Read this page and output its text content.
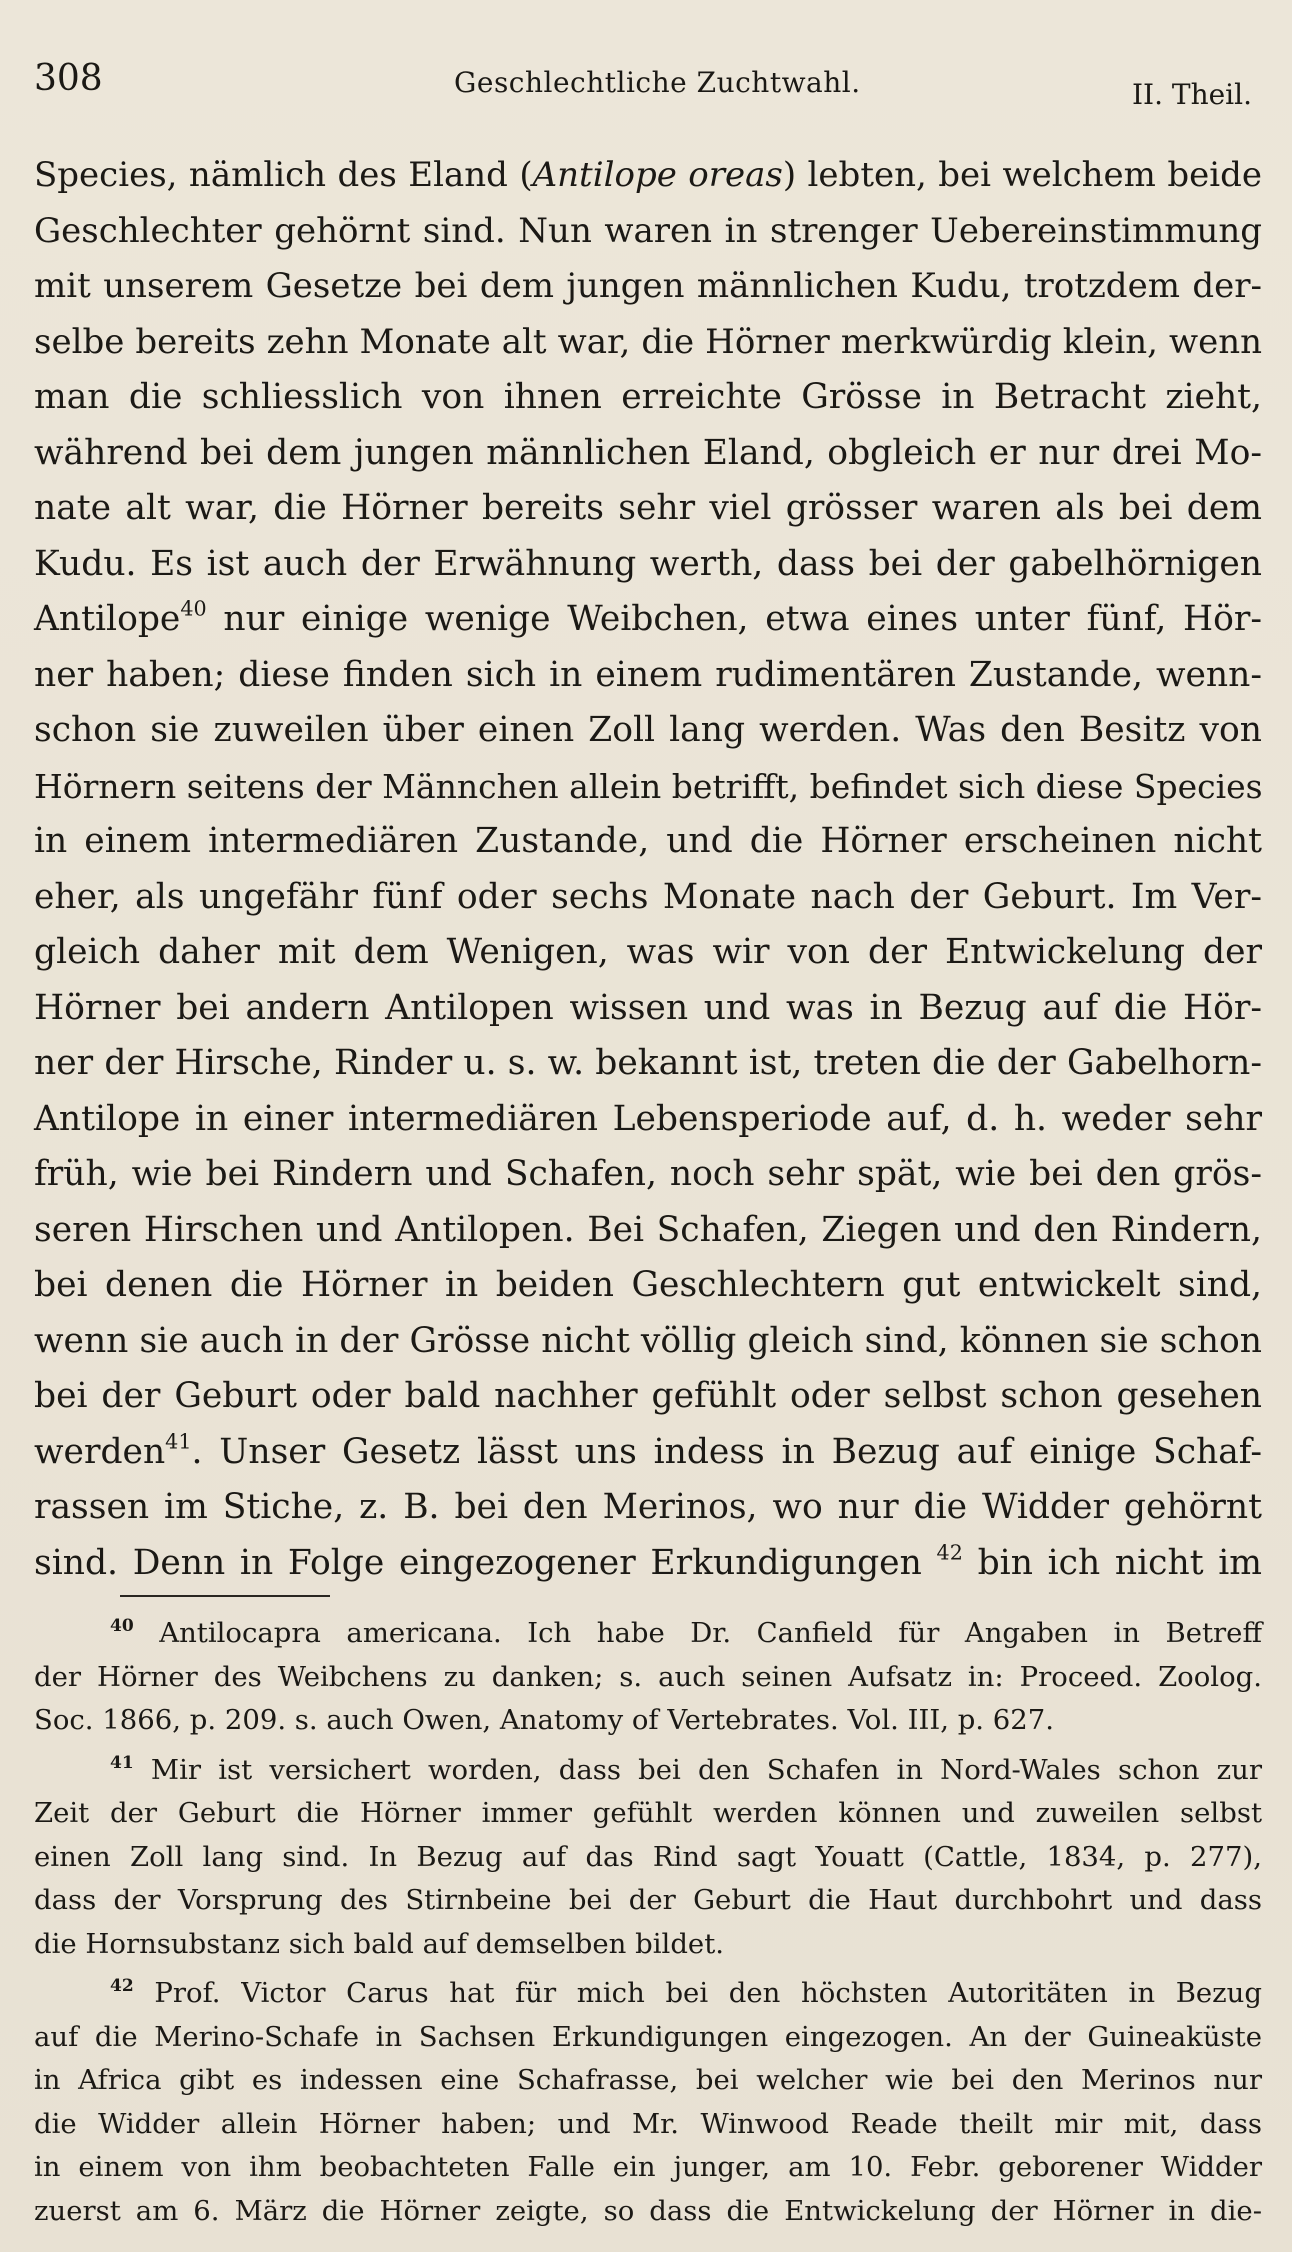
308	Geschlechtliche Zuchtwahl.	II. Theil.
Species, nämlich des Eland (Antilope oreas) lebten, bei welchem beide
Geschlechter gehörnt sind. Nun waren in strenger Uebereinstimmung
mit unserem Gesetze bei dem jungen männlichen Kudu, trotzdem der-
selbe bereits zehn Monate alt war, die Hörner merkwürdig klein, wenn
man die schliesslich von ihnen erreichte Grösse in Betracht zieht,
während bei dem jungen männlichen Eland, obgleich er nur drei Mo-
nate alt war, die Hörner bereits sehr viel grösser waren als bei dem
Kudu. Es ist auch der Erwähnung werth, dass bei der gabelhörnigen
Antilope$^{40}$ nur einige wenige Weibchen, etwa eines unter fünf, Hör-
ner haben; diese finden sich in einem rudimentären Zustande, wenn-
schon sie zuweilen über einen Zoll lang werden. Was den Besitz von
Hörnern seitens der Männchen allein betrifft, befindet sich diese Species
in einem intermediären Zustande, und die Hörner erscheinen nicht
eher, als ungefähr fünf oder sechs Monate nach der Geburt. Im Ver-
gleich daher mit dem Wenigen, was wir von der Entwickelung der
Hörner bei andern Antilopen wissen und was in Bezug auf die Hör-
ner der Hirsche, Rinder u. s. w. bekannt ist, treten die der Gabelhorn-
Antilope in einer intermediären Lebensperiode auf, d. h. weder sehr
früh, wie bei Rindern und Schafen, noch sehr spät, wie bei den grös-
seren Hirschen und Antilopen. Bei Schafen, Ziegen und den Rindern,
bei denen die Hörner in beiden Geschlechtern gut entwickelt sind,
wenn sie auch in der Grösse nicht völlig gleich sind, können sie schon
bei der Geburt oder bald nachher gefühlt oder selbst schon gesehen
werden$^{41}$. Unser Gesetz lässt uns indess in Bezug auf einige Schaf-
rassen im Stiche, z. B. bei den Merinos, wo nur die Widder gehörnt
sind. Denn in Folge eingezogener Erkundigungen $^{42}$ bin ich nicht im
$^{40}$ Antilocapra americana. Ich habe Dr. Canfield für Angaben in Betreff
der Hörner des Weibchens zu danken; s. auch seinen Aufsatz in: Proceed. Zoolog.
Soc. 1866, p. 209. s. auch Owen, Anatomy of Vertebrates. Vol. III, p. 627.
$^{41}$ Mir ist versichert worden, dass bei den Schafen in Nord-Wales schon zur
Zeit der Geburt die Hörner immer gefühlt werden können und zuweilen selbst
einen Zoll lang sind. In Bezug auf das Rind sagt Youatt (Cattle, 1834, p. 277),
dass der Vorsprung des Stirnbeine bei der Geburt die Haut durchbohrt und dass
die Hornsubstanz sich bald auf demselben bildet.
$^{42}$ Prof. Victor Carus hat für mich bei den höchsten Autoritäten in Bezug
auf die Merino-Schafe in Sachsen Erkundigungen eingezogen. An der Guineaküste
in Africa gibt es indessen eine Schafrasse, bei welcher wie bei den Merinos nur
die Widder allein Hörner haben; und Mr. Winwood Reade theilt mir mit, dass
in einem von ihm beobachteten Falle ein junger, am 10. Febr. geborener Widder
zuerst am 6. März die Hörner zeigte, so dass die Entwickelung der Hörner in die-
